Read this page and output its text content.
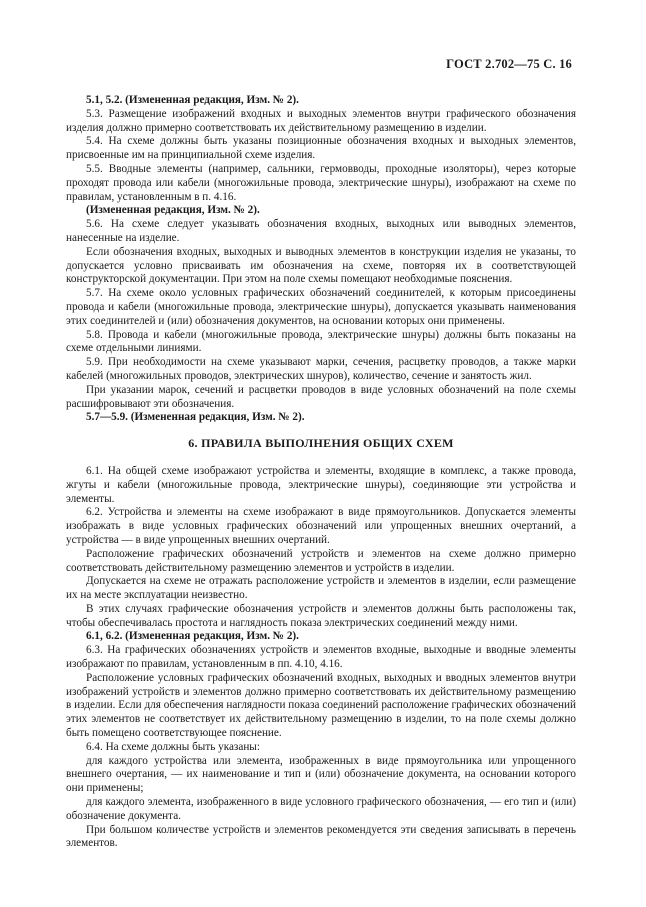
ГОСТ 2.702—75 С. 16

5.1, 5.2. (Измененная редакция, Изм. № 2).

5.3. Размещение изображений входных и выходных элементов внутри графического обозначения изделия должно примерно соответствовать их действительному размещению в изделии.

5.4. На схеме должны быть указаны позиционные обозначения входных и выходных элементов, присвоенные им на принципиальной схеме изделия.

5.5. Вводные элементы (например, сальники, гермовводы, проходные изоляторы), через которые проходят провода или кабели (многожильные провода, электрические шнуры), изображают на схеме по правилам, установленным в п. 4.16.

(Измененная редакция, Изм. № 2).

5.6. На схеме следует указывать обозначения входных, выходных или выводных элементов, нанесенные на изделие.

Если обозначения входных, выходных и выводных элементов в конструкции изделия не указаны, то допускается условно присваивать им обозначения на схеме, повторяя их в соответствующей конструкторской документации. При этом на поле схемы помещают необходимые пояснения.

5.7. На схеме около условных графических обозначений соединителей, к которым присоединены провода и кабели (многожильные провода, электрические шнуры), допускается указывать наименования этих соединителей и (или) обозначения документов, на основании которых они применены.

5.8. Провода и кабели (многожильные провода, электрические шнуры) должны быть показаны на схеме отдельными линиями.

5.9. При необходимости на схеме указывают марки, сечения, расцветку проводов, а также марки кабелей (многожильных проводов, электрических шнуров), количество, сечение и занятость жил.

При указании марок, сечений и расцветки проводов в виде условных обозначений на поле схемы расшифровывают эти обозначения.

5.7—5.9. (Измененная редакция, Изм. № 2).

6. ПРАВИЛА ВЫПОЛНЕНИЯ ОБЩИХ СХЕМ

6.1. На общей схеме изображают устройства и элементы, входящие в комплекс, а также провода, жгуты и кабели (многожильные провода, электрические шнуры), соединяющие эти устройства и элементы.

6.2. Устройства и элементы на схеме изображают в виде прямоугольников. Допускается элементы изображать в виде условных графических обозначений или упрощенных внешних очертаний, а устройства — в виде упрощенных внешних очертаний.

Расположение графических обозначений устройств и элементов на схеме должно примерно соответствовать действительному размещению элементов и устройств в изделии.

Допускается на схеме не отражать расположение устройств и элементов в изделии, если размещение их на месте эксплуатации неизвестно.

В этих случаях графические обозначения устройств и элементов должны быть расположены так, чтобы обеспечивалась простота и наглядность показа электрических соединений между ними.

6.1, 6.2. (Измененная редакция, Изм. № 2).

6.3. На графических обозначениях устройств и элементов входные, выходные и вводные элементы изображают по правилам, установленным в пп. 4.10, 4.16.

Расположение условных графических обозначений входных, выходных и вводных элементов внутри изображений устройств и элементов должно примерно соответствовать их действительному размещению в изделии. Если для обеспечения наглядности показа соединений расположение графических обозначений этих элементов не соответствует их действительному размещению в изделии, то на поле схемы должно быть помещено соответствующее пояснение.

6.4. На схеме должны быть указаны:

для каждого устройства или элемента, изображенных в виде прямоугольника или упрощенного внешнего очертания, — их наименование и тип и (или) обозначение документа, на основании которого они применены;

для каждого элемента, изображенного в виде условного графического обозначения, — его тип и (или) обозначение документа.

При большом количестве устройств и элементов рекомендуется эти сведения записывать в перечень элементов.
